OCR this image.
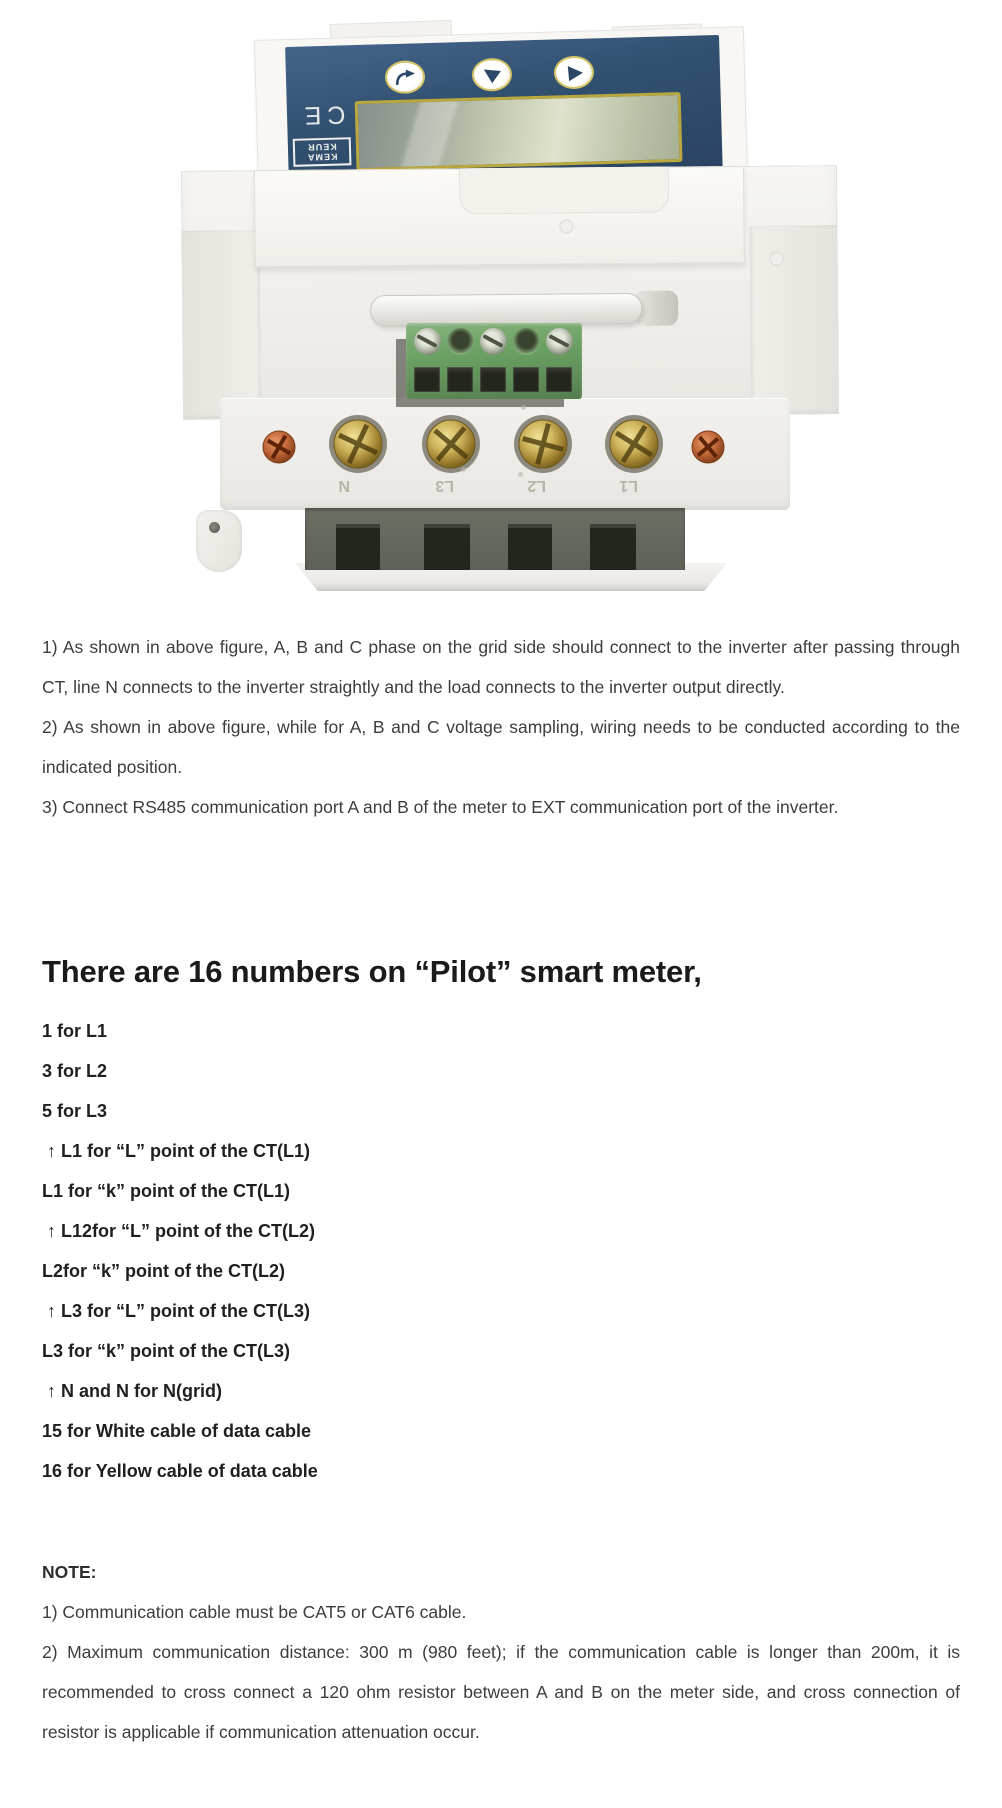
CE
KEMA
KEUR
N	L3	L2	L1

1) As shown in above figure, A, B and C phase on the grid side should connect to the inverter after passing through CT, line N connects to the inverter straightly and the load connects to the inverter output directly.

2) As shown in above figure, while for A, B and C voltage sampling, wiring needs to be conducted according to the indicated position.

3) Connect RS485 communication port A and B of the meter to EXT communication port of the inverter.

There are 16 numbers on “Pilot” smart meter,
1 for L1
3 for L2
5 for L3
↑ L1 for “L” point of the CT(L1)
L1 for “k” point of the CT(L1)
↑ L12for “L” point of the CT(L2)
L2for “k” point of the CT(L2)
↑ L3 for “L” point of the CT(L3)
L3 for “k” point of the CT(L3)
↑ N and N for N(grid)
15 for White cable of data cable
16 for Yellow cable of data cable

NOTE:

1) Communication cable must be CAT5 or CAT6 cable.

2) Maximum communication distance: 300 m (980 feet); if the communication cable is longer than 200m, it is recommended to cross connect a 120 ohm resistor between A and B on the meter side, and cross connection of resistor is applicable if communication attenuation occur.
